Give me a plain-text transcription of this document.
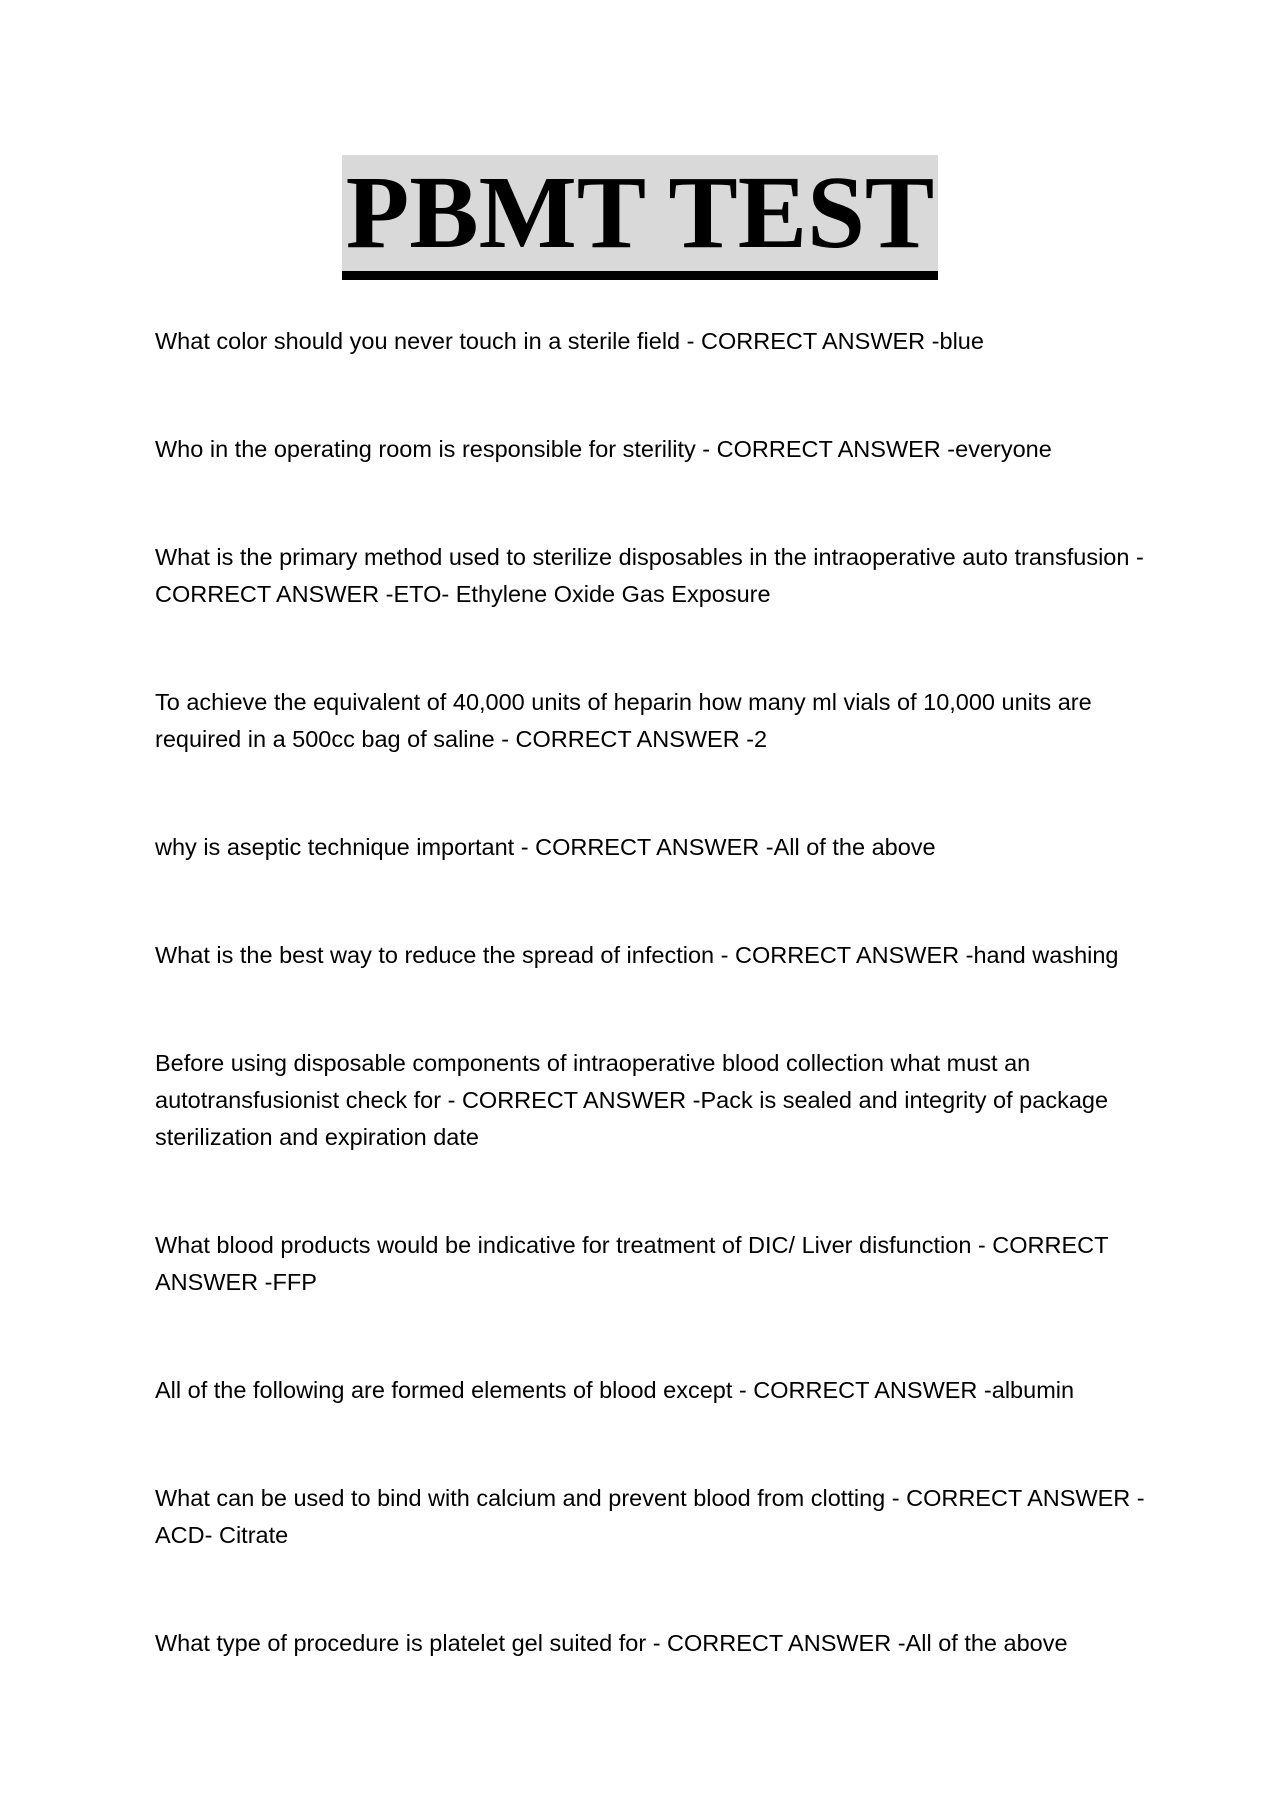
PBMT TEST
What color should you never touch in a sterile field - CORRECT ANSWER -blue
Who in the operating room is responsible for sterility - CORRECT ANSWER -everyone
What is the primary method used to sterilize disposables in the intraoperative auto transfusion - CORRECT ANSWER -ETO- Ethylene Oxide Gas Exposure
To achieve the equivalent of 40,000 units of heparin how many ml vials of 10,000 units are required in a 500cc bag of saline - CORRECT ANSWER -2
why is aseptic technique important - CORRECT ANSWER -All of the above
What is the best way to reduce the spread of infection - CORRECT ANSWER -hand washing
Before using disposable components of intraoperative blood collection what must an autotransfusionist check for - CORRECT ANSWER -Pack is sealed and integrity of package sterilization and expiration date
What blood products would be indicative for treatment of DIC/ Liver disfunction - CORRECT ANSWER -FFP
All of the following are formed elements of blood except - CORRECT ANSWER -albumin
What can be used to bind with calcium and prevent blood from clotting - CORRECT ANSWER -ACD- Citrate
What type of procedure is platelet gel suited for - CORRECT ANSWER -All of the above
